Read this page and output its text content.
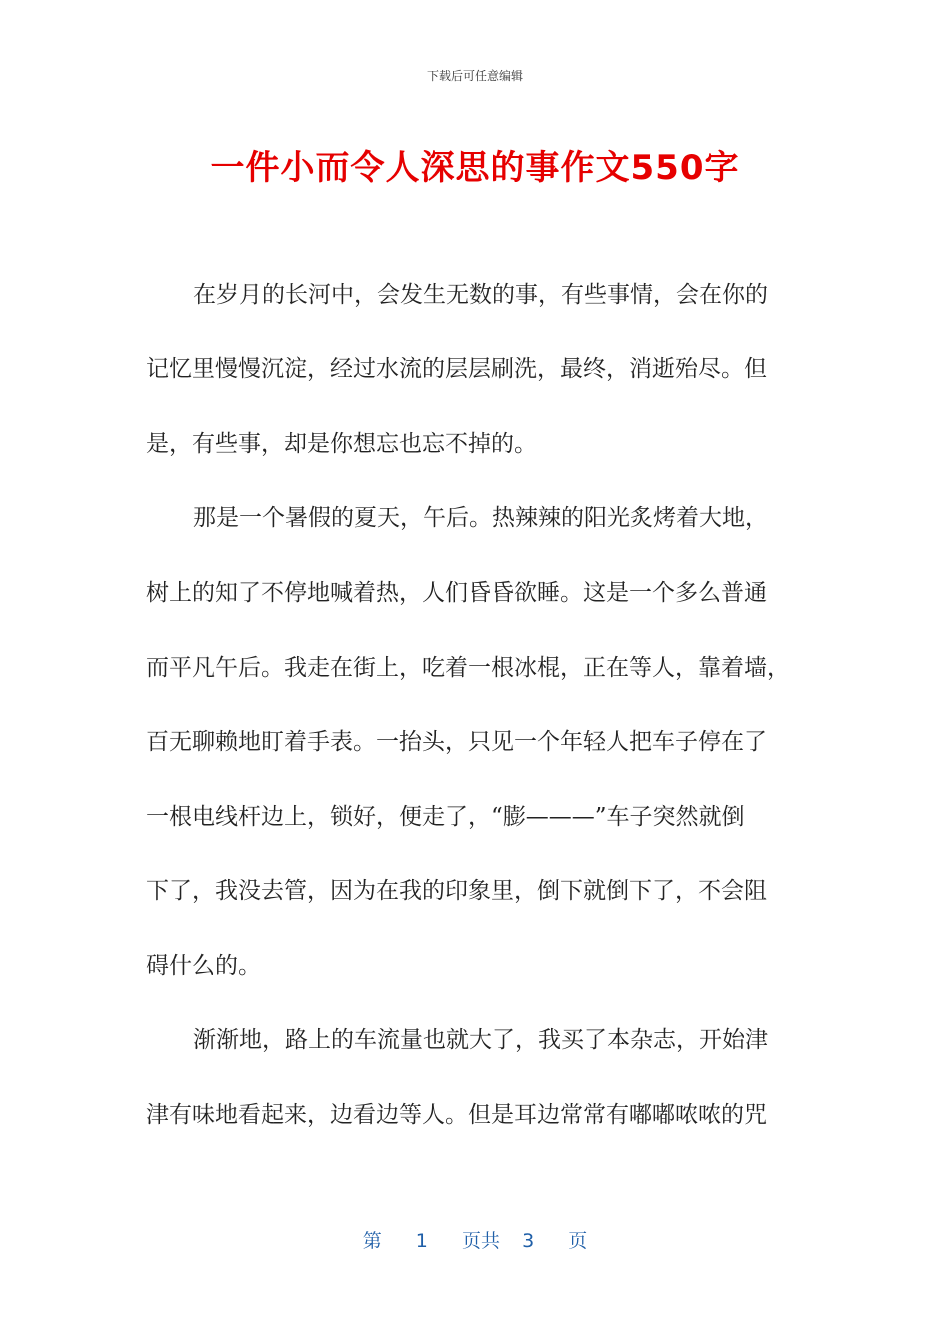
下载后可任意编辑
一件小而令人深思的事作文550字
在岁月的长河中，会发生无数的事，有些事情，会在你的
记忆里慢慢沉淀，经过水流的层层刷洗，最终，消逝殆尽。但
是，有些事，却是你想忘也忘不掉的。
那是一个暑假的夏天，午后。热辣辣的阳光炙烤着大地，
树上的知了不停地喊着热，人们昏昏欲睡。这是一个多么普通
而平凡午后。我走在街上，吃着一根冰棍，正在等人，靠着墙，
百无聊赖地盯着手表。一抬头，只见一个年轻人把车子停在了
一根电线杆边上，锁好，便走了，“膨———”车子突然就倒
下了，我没去管，因为在我的印象里，倒下就倒下了，不会阻
碍什么的。
渐渐地，路上的车流量也就大了，我买了本杂志，开始津
津有味地看起来，边看边等人。但是耳边常常有嘟嘟哝哝的咒
第 1 页共 3 页
